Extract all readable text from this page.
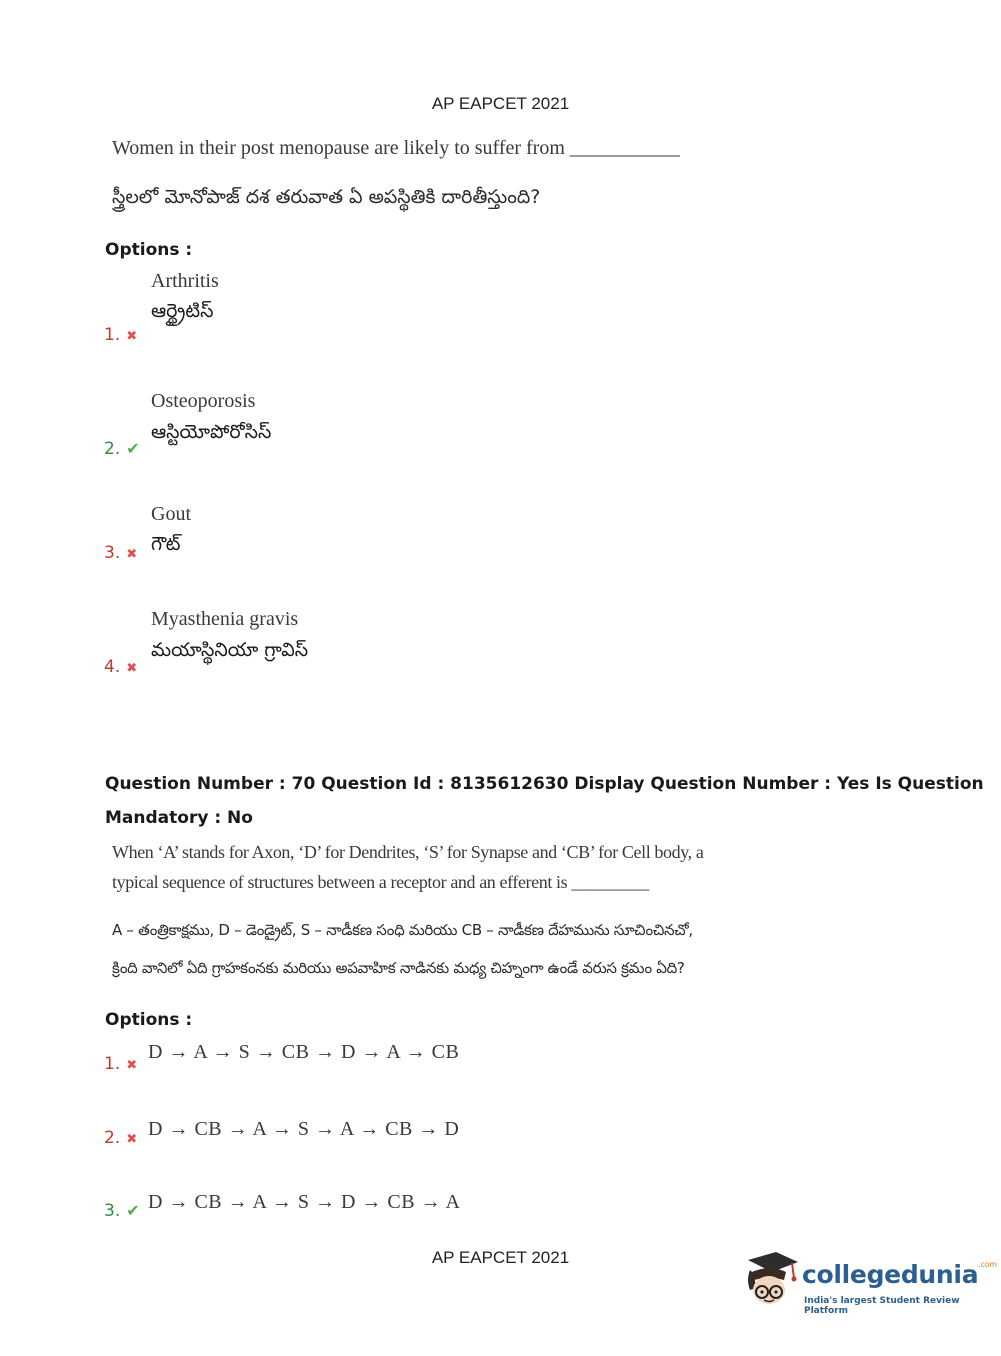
AP EAPCET 2021
Women in their post menopause are likely to suffer from ___________
స్త్రీలలో మోనోపాజ్ దశ తరువాత ఏ అపస్థితికి దారితీస్తుంది?
Options :
Arthritis
ఆర్థ్రైటిస్
1. ✖
Osteoporosis
ఆస్టియోపోరోసిస్
2. ✔
Gout
గౌట్
3. ✖
Myasthenia gravis
మయాస్థినియా గ్రావిస్
4. ✖
Question Number : 70 Question Id : 8135612630 Display Question Number : Yes Is Question
Mandatory : No
When ‘A’ stands for Axon, ‘D’ for Dendrites, ‘S’ for Synapse and ‘CB’ for Cell body, a
typical sequence of structures between a receptor and an efferent is _________
A – తంత్రికాక్షము, D – డెండ్రైట్, S – నాడీకణ సంధి మరియు CB – నాడీకణ దేహమును సూచించినచో,
క్రింది వానిలో ఏది గ్రాహకంనకు మరియు అపవాహిక నాడినకు మధ్య చిహ్నంగా ఉండే వరుస క్రమం ఏది?
Options :
1. ✖
D → A → S → CB → D → A → CB
2. ✖ D → CB → A → S → A → CB → D
3. ✔ D → CB → A → S → D → CB → A
AP EAPCET 2021
collegedunia$^{.com}$
India's largest Student Review Platform
